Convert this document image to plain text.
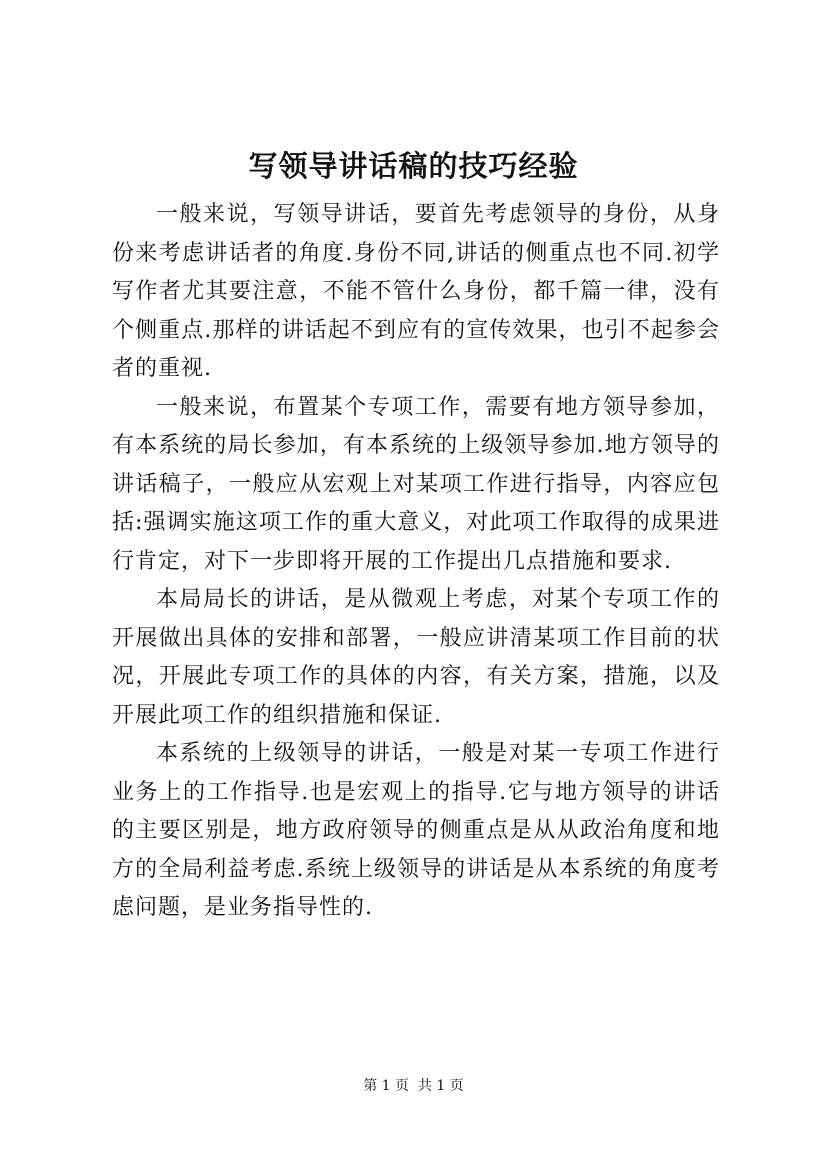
写领导讲话稿的技巧经验

一般来说，写领导讲话，要首先考虑领导的身份，从身份来考虑讲话者的角度.身份不同,讲话的侧重点也不同.初学写作者尤其要注意，不能不管什么身份，都千篇一律，没有个侧重点.那样的讲话起不到应有的宣传效果，也引不起参会者的重视.

一般来说，布置某个专项工作，需要有地方领导参加，有本系统的局长参加，有本系统的上级领导参加.地方领导的讲话稿子，一般应从宏观上对某项工作进行指导，内容应包括:强调实施这项工作的重大意义，对此项工作取得的成果进行肯定，对下一步即将开展的工作提出几点措施和要求.

本局局长的讲话，是从微观上考虑，对某个专项工作的开展做出具体的安排和部署，一般应讲清某项工作目前的状况，开展此专项工作的具体的内容，有关方案，措施，以及开展此项工作的组织措施和保证.

本系统的上级领导的讲话，一般是对某一专项工作进行业务上的工作指导.也是宏观上的指导.它与地方领导的讲话的主要区别是，地方政府领导的侧重点是从从政治角度和地方的全局利益考虑.系统上级领导的讲话是从本系统的角度考虑问题，是业务指导性的.

第 1 页  共 1 页
